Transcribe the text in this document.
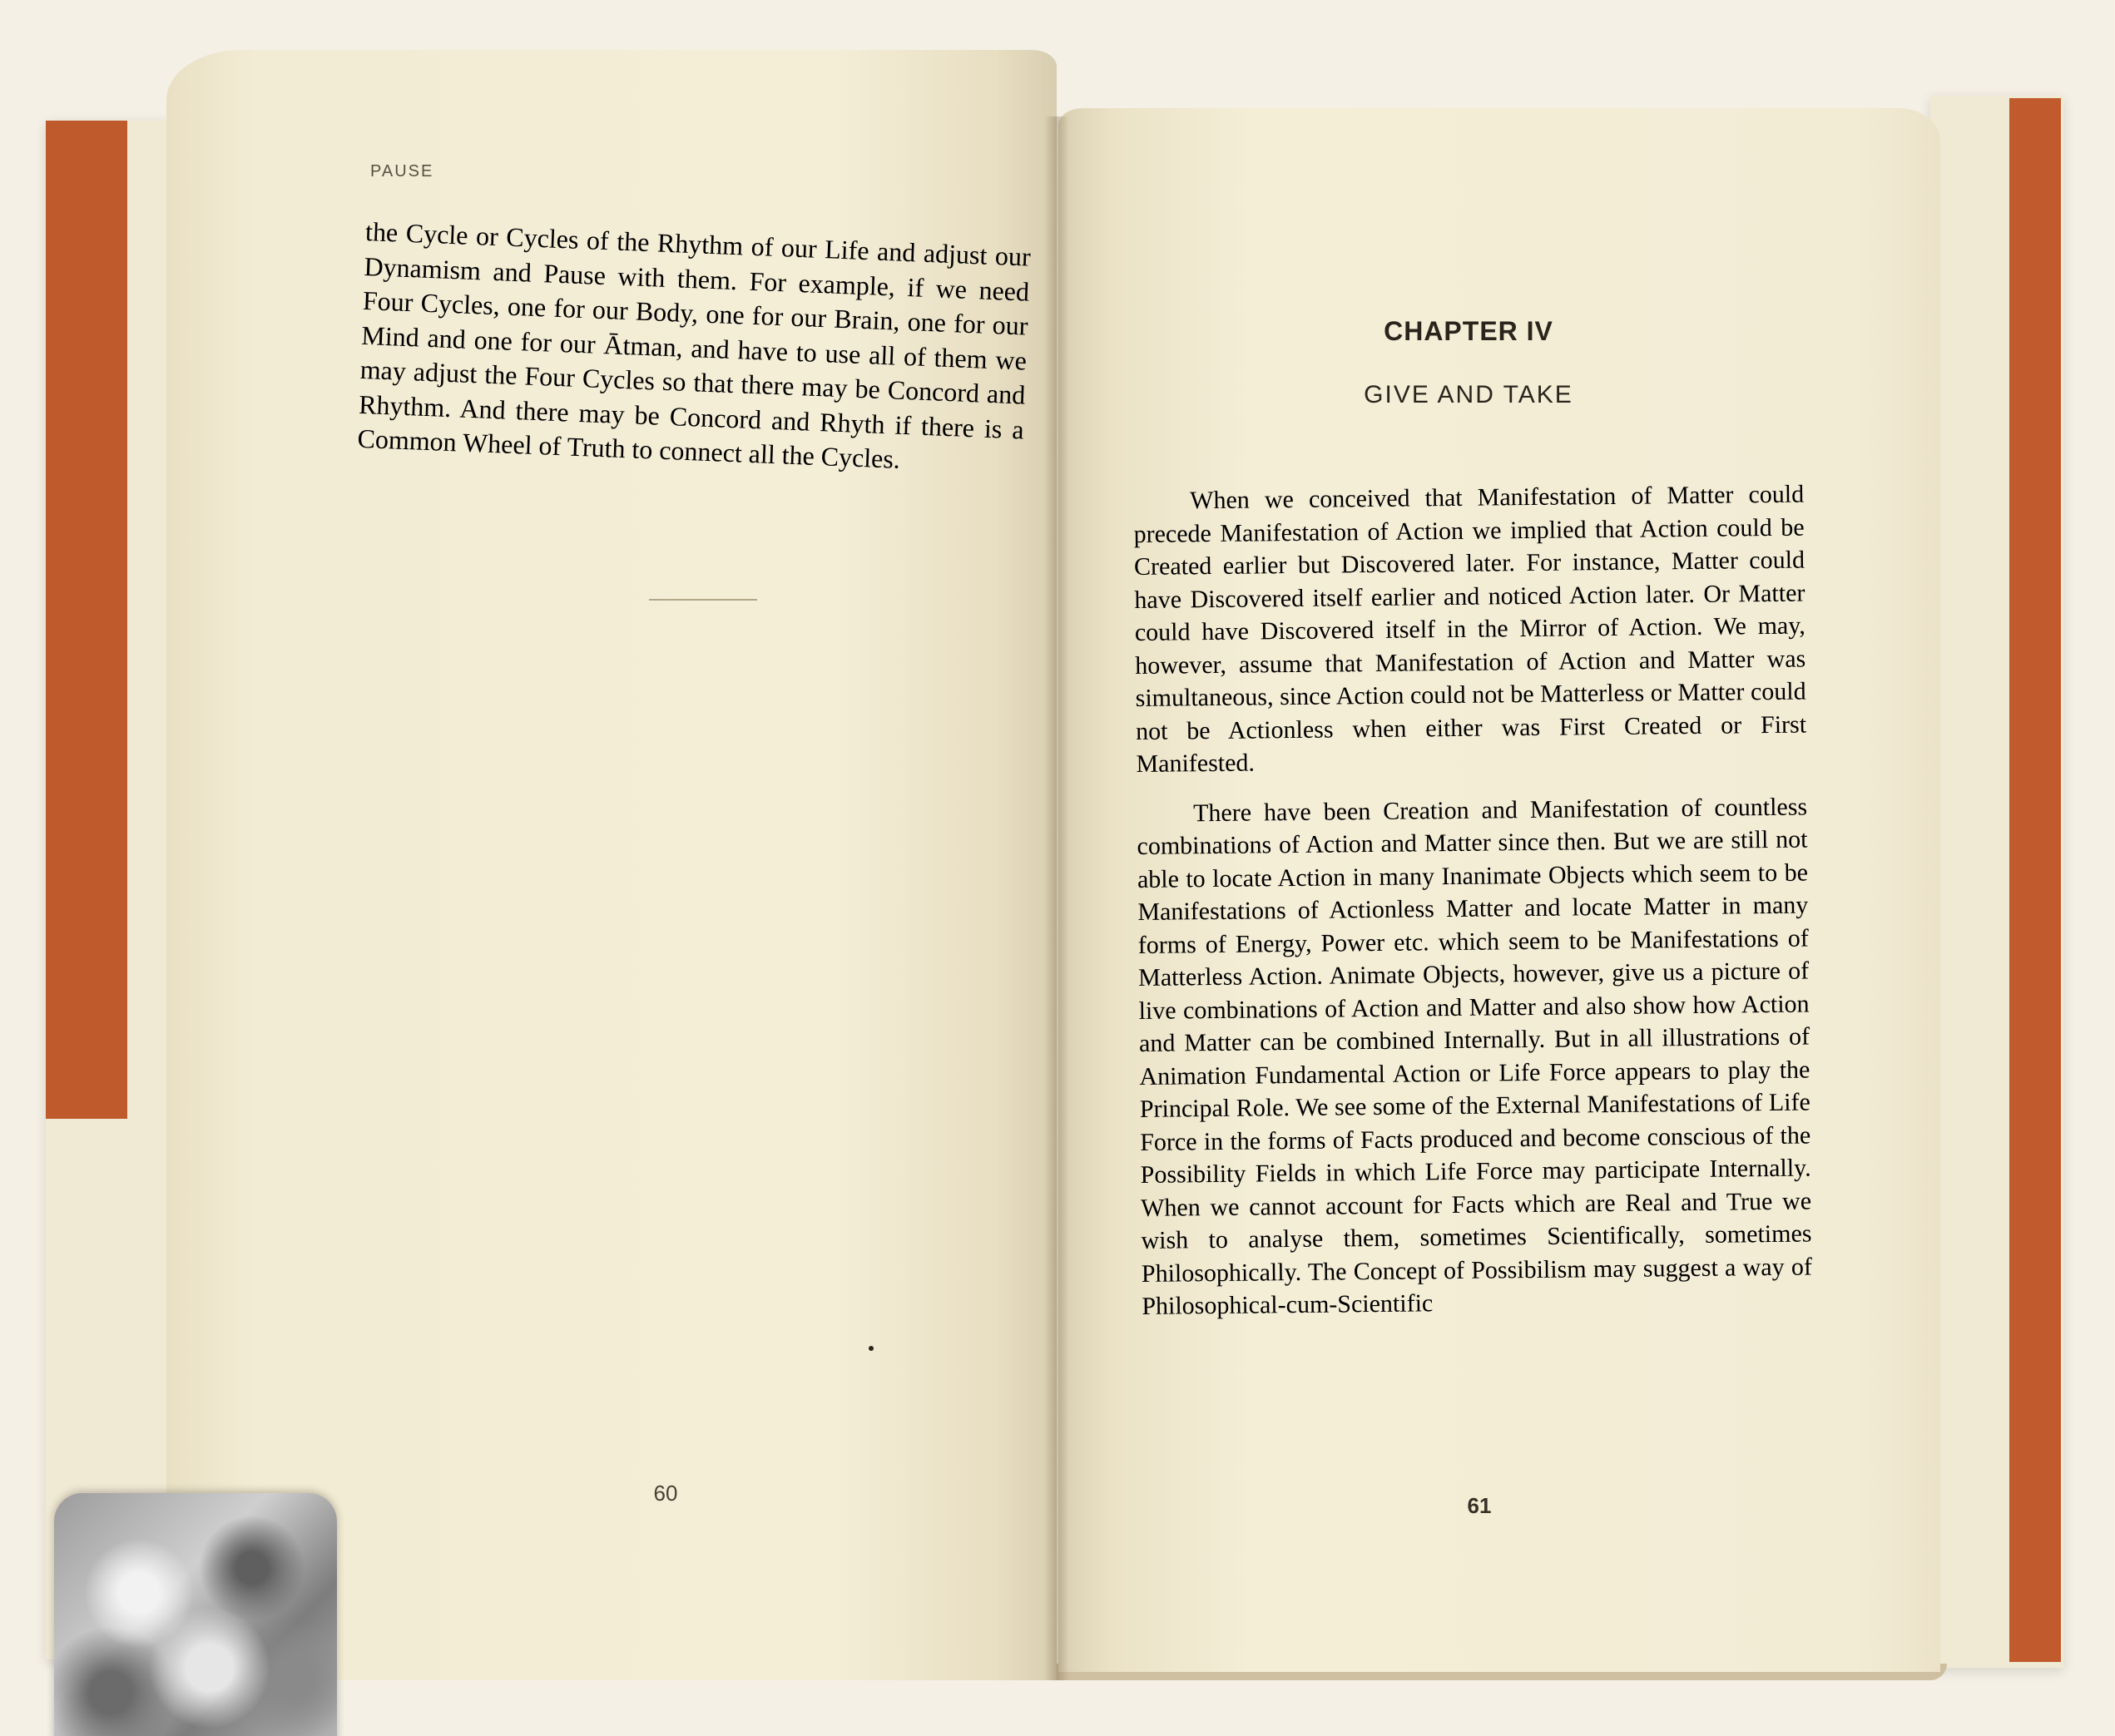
PAUSE

the Cycle or Cycles of the Rhythm of our Life and adjust our Dynamism and Pause with them. For example, if we need Four Cycles, one for our Body, one for our Brain, one for our Mind and one for our Ātman, and have to use all of them we may adjust the Four Cycles so that there may be Concord and Rhythm. And there may be Concord and Rhyth if there is a Common Wheel of Truth to connect all the Cycles.

60
CHAPTER IV
GIVE AND TAKE

When we conceived that Manifestation of Matter could precede Manifestation of Action we implied that Action could be Created earlier but Discovered later. For instance, Matter could have Discovered itself earlier and noticed Action later. Or Matter could have Discovered itself in the Mirror of Action. We may, however, assume that Manifestation of Action and Matter was simultaneous, since Action could not be Matterless or Matter could not be Actionless when either was First Created or First Manifested.

There have been Creation and Manifestation of countless combinations of Action and Matter since then. But we are still not able to locate Action in many Inanimate Objects which seem to be Manifestations of Actionless Matter and locate Matter in many forms of Energy, Power etc. which seem to be Manifestations of Matterless Action. Animate Objects, however, give us a picture of live combinations of Action and Matter and also show how Action and Matter can be combined Internally. But in all illustrations of Animation Fundamental Action or Life Force appears to play the Principal Role. We see some of the External Manifestations of Life Force in the forms of Facts produced and become conscious of the Possibility Fields in which Life Force may participate Internally. When we cannot account for Facts which are Real and True we wish to analyse them, sometimes Scientifically, sometimes Philosophically. The Concept of Possibilism may suggest a way of Philosophical-cum-Scientific

61
